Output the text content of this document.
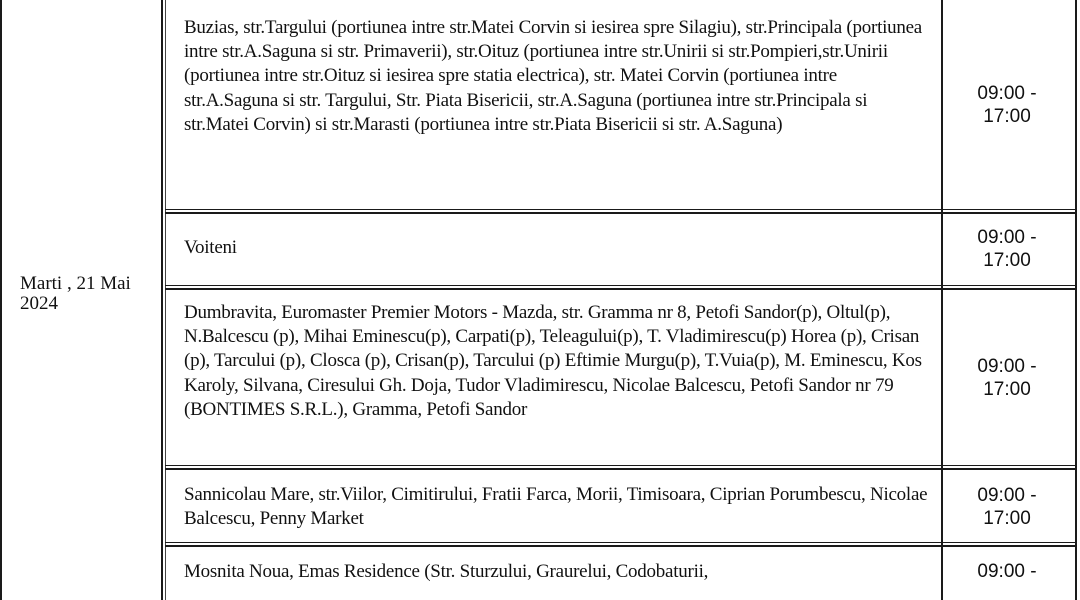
Marti , 21 Mai 2024
Buzias, str.Targului (portiunea intre str.Matei Corvin si iesirea spre Silagiu), str.Principala (portiunea intre str.A.Saguna si str. Primaverii), str.Oituz (portiunea intre str.Unirii si str.Pompieri,str.Unirii (portiunea intre str.Oituz si iesirea spre statia electrica), str. Matei Corvin (portiunea intre str.A.Saguna si str. Targului, Str. Piata Bisericii, str.A.Saguna (portiunea intre str.Principala si str.Matei Corvin) si str.Marasti (portiunea intre str.Piata Bisericii si str. A.Saguna)
09:00 -
17:00
Voiteni	09:00 -
17:00
Dumbravita, Euromaster Premier Motors - Mazda, str. Gramma nr 8, Petofi Sandor(p), Oltul(p), N.Balcescu (p), Mihai Eminescu(p), Carpati(p), Teleagului(p), T. Vladimirescu(p) Horea (p), Crisan (p), Tarcului (p), Closca (p), Crisan(p), Tarcului (p) Eftimie Murgu(p), T.Vuia(p), M. Eminescu, Kos Karoly, Silvana, Ciresului Gh. Doja, Tudor Vladimirescu, Nicolae Balcescu, Petofi Sandor nr 79 (BONTIMES S.R.L.), Gramma, Petofi Sandor
09:00 -
17:00
Sannicolau Mare, str.Viilor, Cimitirului, Fratii Farca, Morii, Timisoara, Ciprian Porumbescu, Nicolae Balcescu, Penny Market
09:00 -
17:00
Mosnita Noua, Emas Residence (Str. Sturzului, Graurelui, Codobaturii,	09:00 -
